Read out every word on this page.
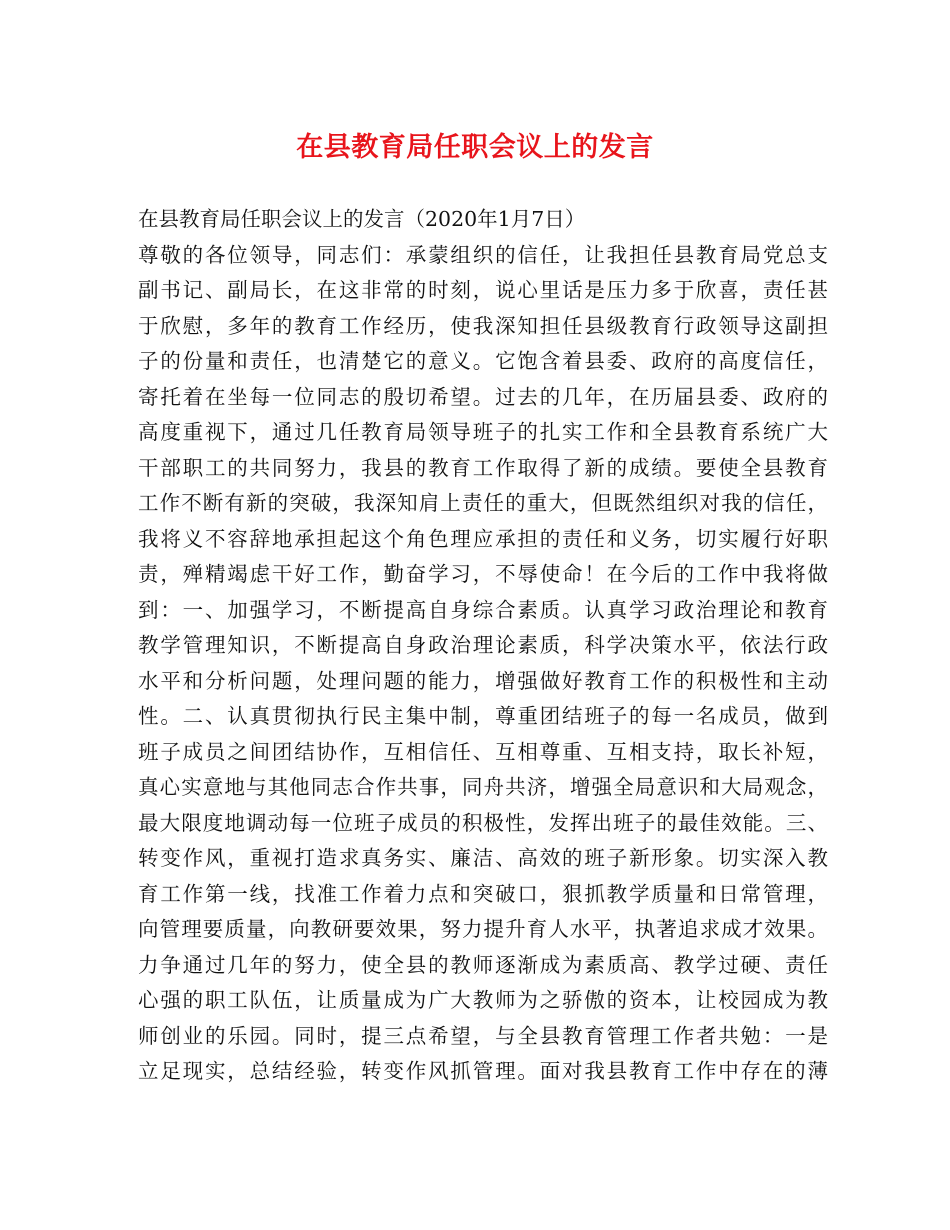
在县教育局任职会议上的发言
在县教育局任职会议上的发言（2020年1月7日）
尊敬的各位领导，同志们：承蒙组织的信任，让我担任县教育局党总支
副书记、副局长，在这非常的时刻，说心里话是压力多于欣喜，责任甚
于欣慰，多年的教育工作经历，使我深知担任县级教育行政领导这副担
子的份量和责任，也清楚它的意义。它饱含着县委、政府的高度信任，
寄托着在坐每一位同志的殷切希望。过去的几年，在历届县委、政府的
高度重视下，通过几任教育局领导班子的扎实工作和全县教育系统广大
干部职工的共同努力，我县的教育工作取得了新的成绩。要使全县教育
工作不断有新的突破，我深知肩上责任的重大，但既然组织对我的信任，
我将义不容辞地承担起这个角色理应承担的责任和义务，切实履行好职
责，殚精竭虑干好工作，勤奋学习，不辱使命！在今后的工作中我将做
到：一、加强学习，不断提高自身综合素质。认真学习政治理论和教育
教学管理知识，不断提高自身政治理论素质，科学决策水平，依法行政
水平和分析问题，处理问题的能力，增强做好教育工作的积极性和主动
性。二、认真贯彻执行民主集中制，尊重团结班子的每一名成员，做到
班子成员之间团结协作，互相信任、互相尊重、互相支持，取长补短，
真心实意地与其他同志合作共事，同舟共济，增强全局意识和大局观念，
最大限度地调动每一位班子成员的积极性，发挥出班子的最佳效能。三、
转变作风，重视打造求真务实、廉洁、高效的班子新形象。切实深入教
育工作第一线，找准工作着力点和突破口，狠抓教学质量和日常管理，
向管理要质量，向教研要效果，努力提升育人水平，执著追求成才效果。
力争通过几年的努力，使全县的教师逐渐成为素质高、教学过硬、责任
心强的职工队伍，让质量成为广大教师为之骄傲的资本，让校园成为教
师创业的乐园。同时，提三点希望，与全县教育管理工作者共勉：一是
立足现实，总结经验，转变作风抓管理。面对我县教育工作中存在的薄
